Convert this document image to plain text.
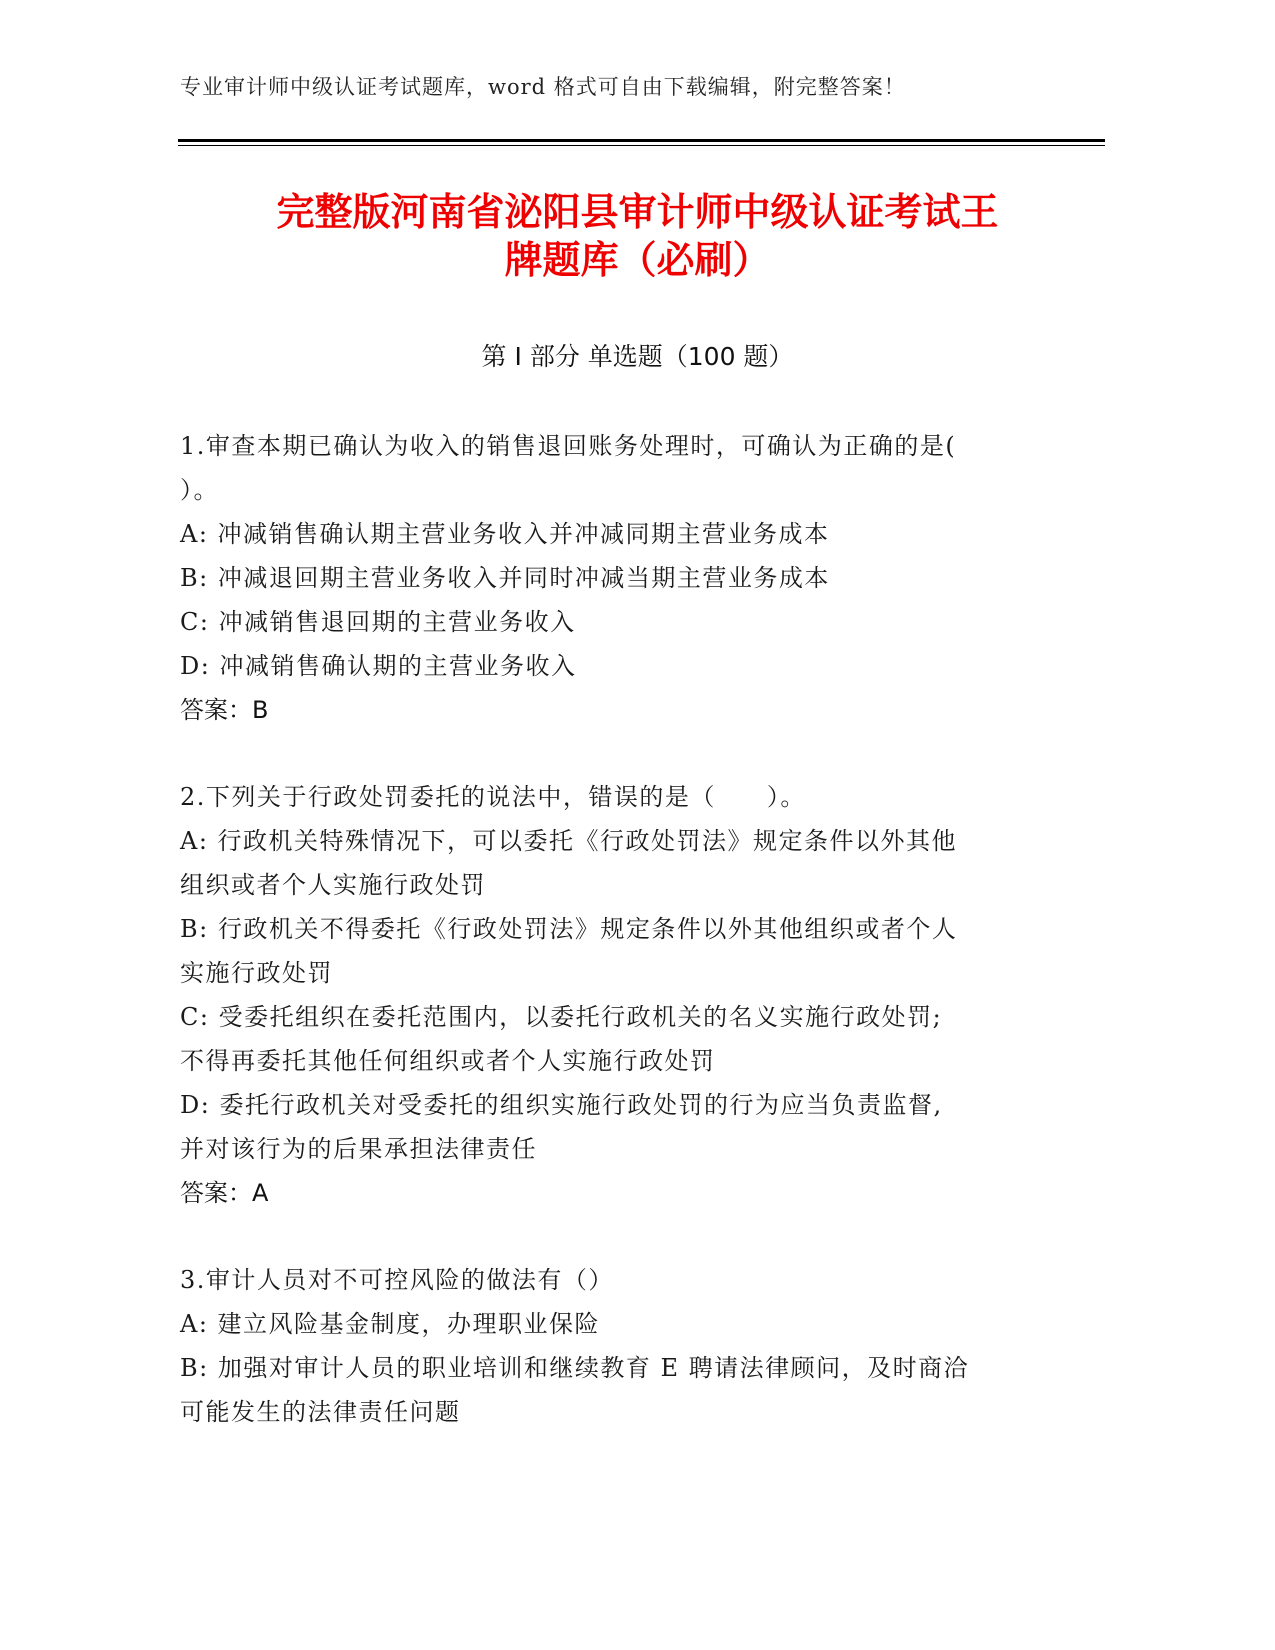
专业审计师中级认证考试题库，word 格式可自由下载编辑，附完整答案！
完整版河南省泌阳县审计师中级认证考试王
牌题库（必刷）
第 I 部分 单选题（100 题）
1.审查本期已确认为收入的销售退回账务处理时，可确认为正确的是(
）。
A: 冲减销售确认期主营业务收入并冲减同期主营业务成本
B: 冲减退回期主营业务收入并同时冲减当期主营业务成本
C: 冲减销售退回期的主营业务收入
D: 冲减销售确认期的主营业务收入
答案：B
2.下列关于行政处罚委托的说法中，错误的是（　　）。
A: 行政机关特殊情况下，可以委托《行政处罚法》规定条件以外其他
组织或者个人实施行政处罚
B: 行政机关不得委托《行政处罚法》规定条件以外其他组织或者个人
实施行政处罚
C: 受委托组织在委托范围内，以委托行政机关的名义实施行政处罚;
不得再委托其他任何组织或者个人实施行政处罚
D: 委托行政机关对受委托的组织实施行政处罚的行为应当负责监督,
并对该行为的后果承担法律责任
答案：A
3.审计人员对不可控风险的做法有（）
A: 建立风险基金制度，办理职业保险
B: 加强对审计人员的职业培训和继续教育 E 聘请法律顾问，及时商洽
可能发生的法律责任问题
